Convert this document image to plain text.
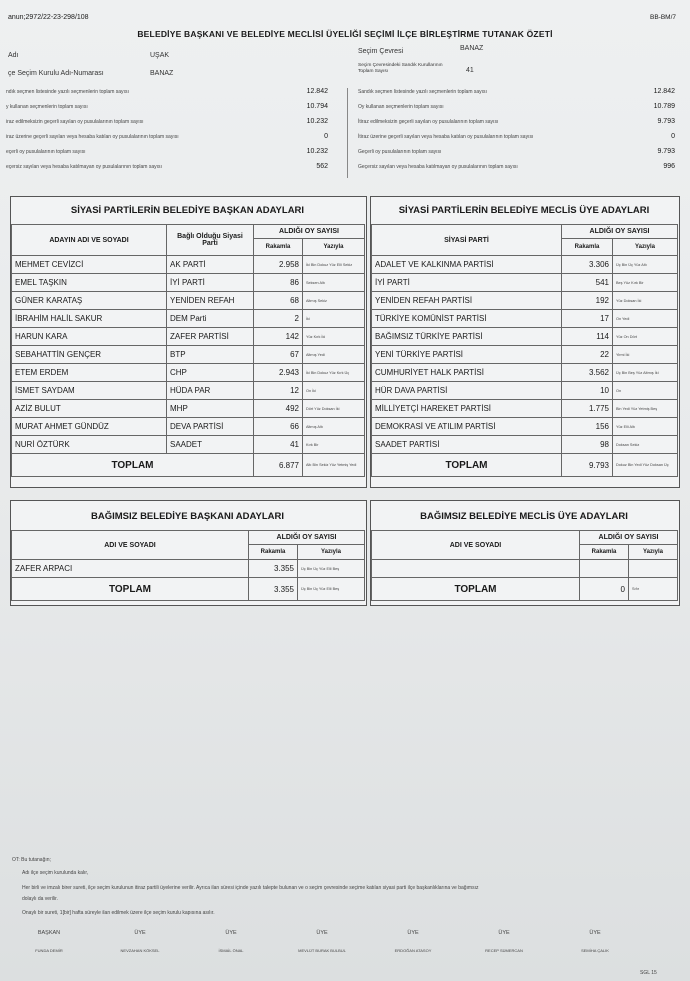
anun;2972/22-23-298/108	BB-BM/7
BELEDİYE BAŞKANI VE BELEDİYE MECLİSİ ÜYELİĞİ SEÇİMİ İLÇE BİRLEŞTİRME TUTANAK ÖZETİ
Adı	UŞAK
çe Seçim Kurulu Adı-Numarası	BANAZ
Seçim Çevresi	BANAZ
Seçim Çevresindeki Sandık Kurullarının Toplam Sayısı	41
ndık seçmen listesinde yazılı seçmenlerin toplam sayısı	12.842
y kullanan seçmenlerin toplam sayısı	10.794
iraz edilmeksizin geçerli sayılan oy pusulalarının toplam sayısı	10.232
iraz üzerine geçerli sayılan veya hesaba katılan oy pusulalarının toplam sayısı	0
eçerli oy pusulalarının toplam sayısı	10.232
eçersiz sayılan veya hesaba katılmayan oy pusulalarının toplam sayısı	562
Sandık seçmen listesinde yazılı seçmenlerin toplam sayısı	12.842
Oy kullanan seçmenlerin toplam sayısı	10.789
İtiraz edilmeksizin geçerli sayılan oy pusulalarının toplam sayısı	9.793
İtiraz üzerine geçerli sayılan veya hesaba katılan oy pusulalarının toplam sayısı	0
Geçerli oy pusulalarının toplam sayısı	9.793
Geçersiz sayılan veya hesaba katılmayan oy pusulalarının toplam sayısı	996
SİYASİ PARTİLERİN BELEDİYE BAŞKAN ADAYLARI
ADAYIN ADI VE SOYADI	Bağlı Olduğu Siyasi Parti	ALDIĞI OY SAYISI	
		Rakamla	Yazıyla
MEHMET CEVİZCİ	AK PARTİ	2.958	İki Bin Dokuz Yüz Elli Sekiz
EMEL TAŞKIN	İYİ PARTİ	86	Seksen Altı
GÜNER KARATAŞ	YENİDEN REFAH	68	Altmış Sekiz
İBRAHİM HALİL SAKUR	DEM Parti	2	İki
HARUN KARA	ZAFER PARTİSİ	142	Yüz Kırk İki
SEBAHATTİN GENÇER	BTP	67	Altmış Yedi
ETEM ERDEM	CHP	2.943	İki Bin Dokuz Yüz Kırk Üç
İSMET SAYDAM	HÜDA PAR	12	On İki
AZİZ BULUT	MHP	492	Dört Yüz Doksan İki
MURAT AHMET GÜNDÜZ	DEVA PARTİSİ	66	Altmış Altı
NURİ ÖZTÜRK	SAADET	41	Kırk Bir
TOPLAM		6.877	Altı Bin Sekiz Yüz Yetmiş Yedi
SİYASİ PARTİLERİN BELEDİYE MECLİS ÜYE ADAYLARI
SİYASİ PARTİ	ALDIĞI OY SAYISI	
	Rakamla	Yazıyla
ADALET VE KALKINMA PARTİSİ	3.306	Üç Bin Üç Yüz Altı
İYİ PARTİ	541	Beş Yüz Kırk Bir
YENİDEN REFAH PARTİSİ	192	Yüz Doksan İki
TÜRKİYE KOMÜNİST PARTİSİ	17	On Yedi
BAĞIMSIZ TÜRKİYE PARTİSİ	114	Yüz On Dört
YENİ TÜRKİYE PARTİSİ	22	Yirmi İki
CUMHURİYET HALK PARTİSİ	3.562	Üç Bin Beş Yüz Altmış İki
HÜR DAVA PARTİSİ	10	On
MİLLİYETÇİ HAREKET PARTİSİ	1.775	Bin Yedi Yüz Yetmiş Beş
DEMOKRASİ VE ATILIM PARTİSİ	156	Yüz Elli Altı
SAADET PARTİSİ	98	Doksan Sekiz
TOPLAM	9.793	Dokuz Bin Yedi Yüz Doksan Üç
BAĞIMSIZ BELEDİYE BAŞKANI ADAYLARI
ADI VE SOYADI	ALDIĞI OY SAYISI	
	Rakamla	Yazıyla
ZAFER ARPACI	3.355	Üç Bin Üç Yüz Elli Beş
TOPLAM	3.355	Üç Bin Üç Yüz Elli Beş
BAĞIMSIZ BELEDİYE MECLİS ÜYE ADAYLARI
ADI VE SOYADI	ALDIĞI OY SAYISI	
	Rakamla	Yazıyla

TOPLAM	0	Sıfır
OT: Bu tutanağın;
Adı ilçe seçim kurulunda kalır,
Her birli ve imzalı birer sureti, ilçe seçim kurulunun itiraz partili üyelerine verilir. Ayrıca ilan süresi içinde yazılı talepte bulunan ve o seçim çevresinde seçime katılan siyasi parti ilçe başkanlıklarına ve bağımsız
dolaylı da verilir.
Onaylı bir sureti, 1[bir] hafta süreyle ilan edilmek üzere ilçe seçim kurulu kapısına asılır.
BAŞKAN
FUNDA DEMİR
ÜYE
NEVZAHAN KÖKSEL
ÜYE
İSMAİL ÖNAL
ÜYE
MEVLÜT BURAK BULBUL
ÜYE
ERDOĞAN ATASOY
ÜYE
RECEP SÜMERCAN
ÜYE
SEMİHA ÇALIK
SGL 15
